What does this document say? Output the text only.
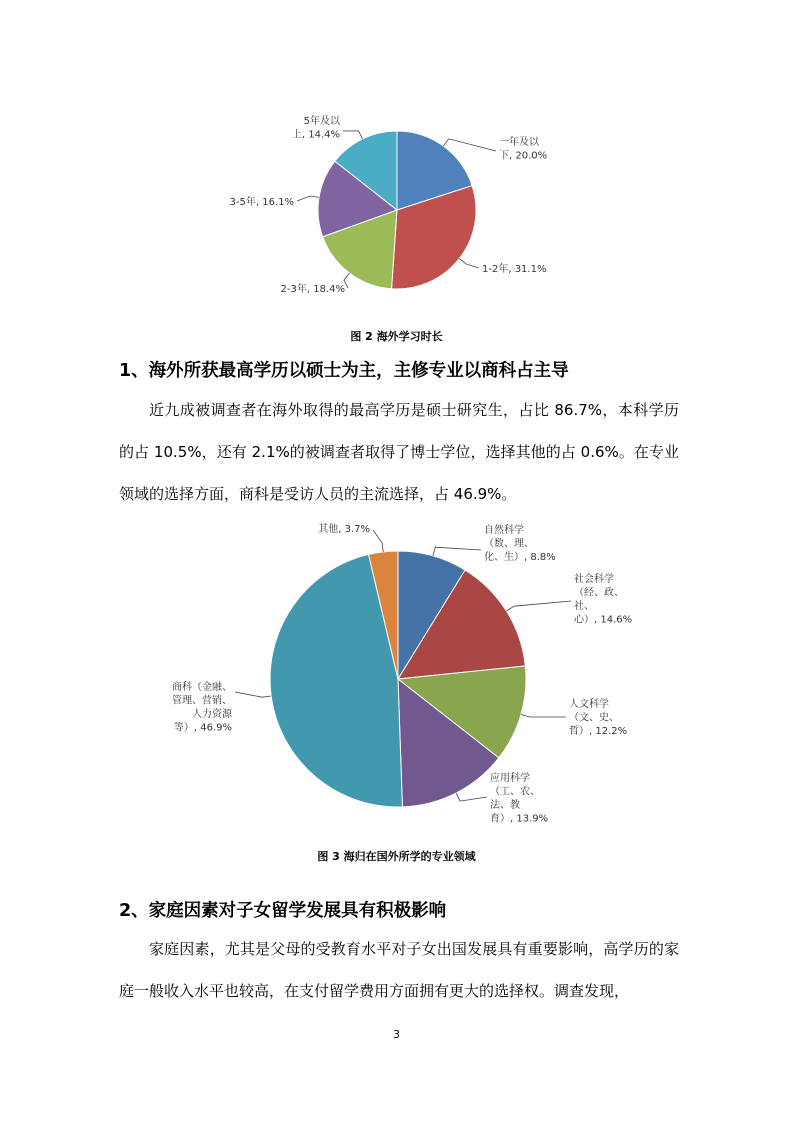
一年及以下, 20.0%
1-2年, 31.1%
2-3年, 18.4%
3-5年, 16.1%
5年及以上, 14.4%
自然科学（数、理、化、生）, 8.8%
社会科学（经、政、社、心）, 14.6%
人文科学（文、史、哲）, 12.2%
应用科学（工、农、法、教育）, 13.9%
商科（金融、管理、营销、人力资源等）, 46.9%
其他, 3.7%
图 2 海外学习时长
1、海外所获最高学历以硕士为主，主修专业以商科占主导

近九成被调查者在海外取得的最高学历是硕士研究生，占比 86.7%，本科学历的占 10.5%，还有 2.1%的被调查者取得了博士学位，选择其他的占 0.6%。在专业领域的选择方面，商科是受访人员的主流选择，占 46.9%。

图 3 海归在国外所学的专业领域
2、家庭因素对子女留学发展具有积极影响

家庭因素，尤其是父母的受教育水平对子女出国发展具有重要影响，高学历的家庭一般收入水平也较高，在支付留学费用方面拥有更大的选择权。调查发现，

3
